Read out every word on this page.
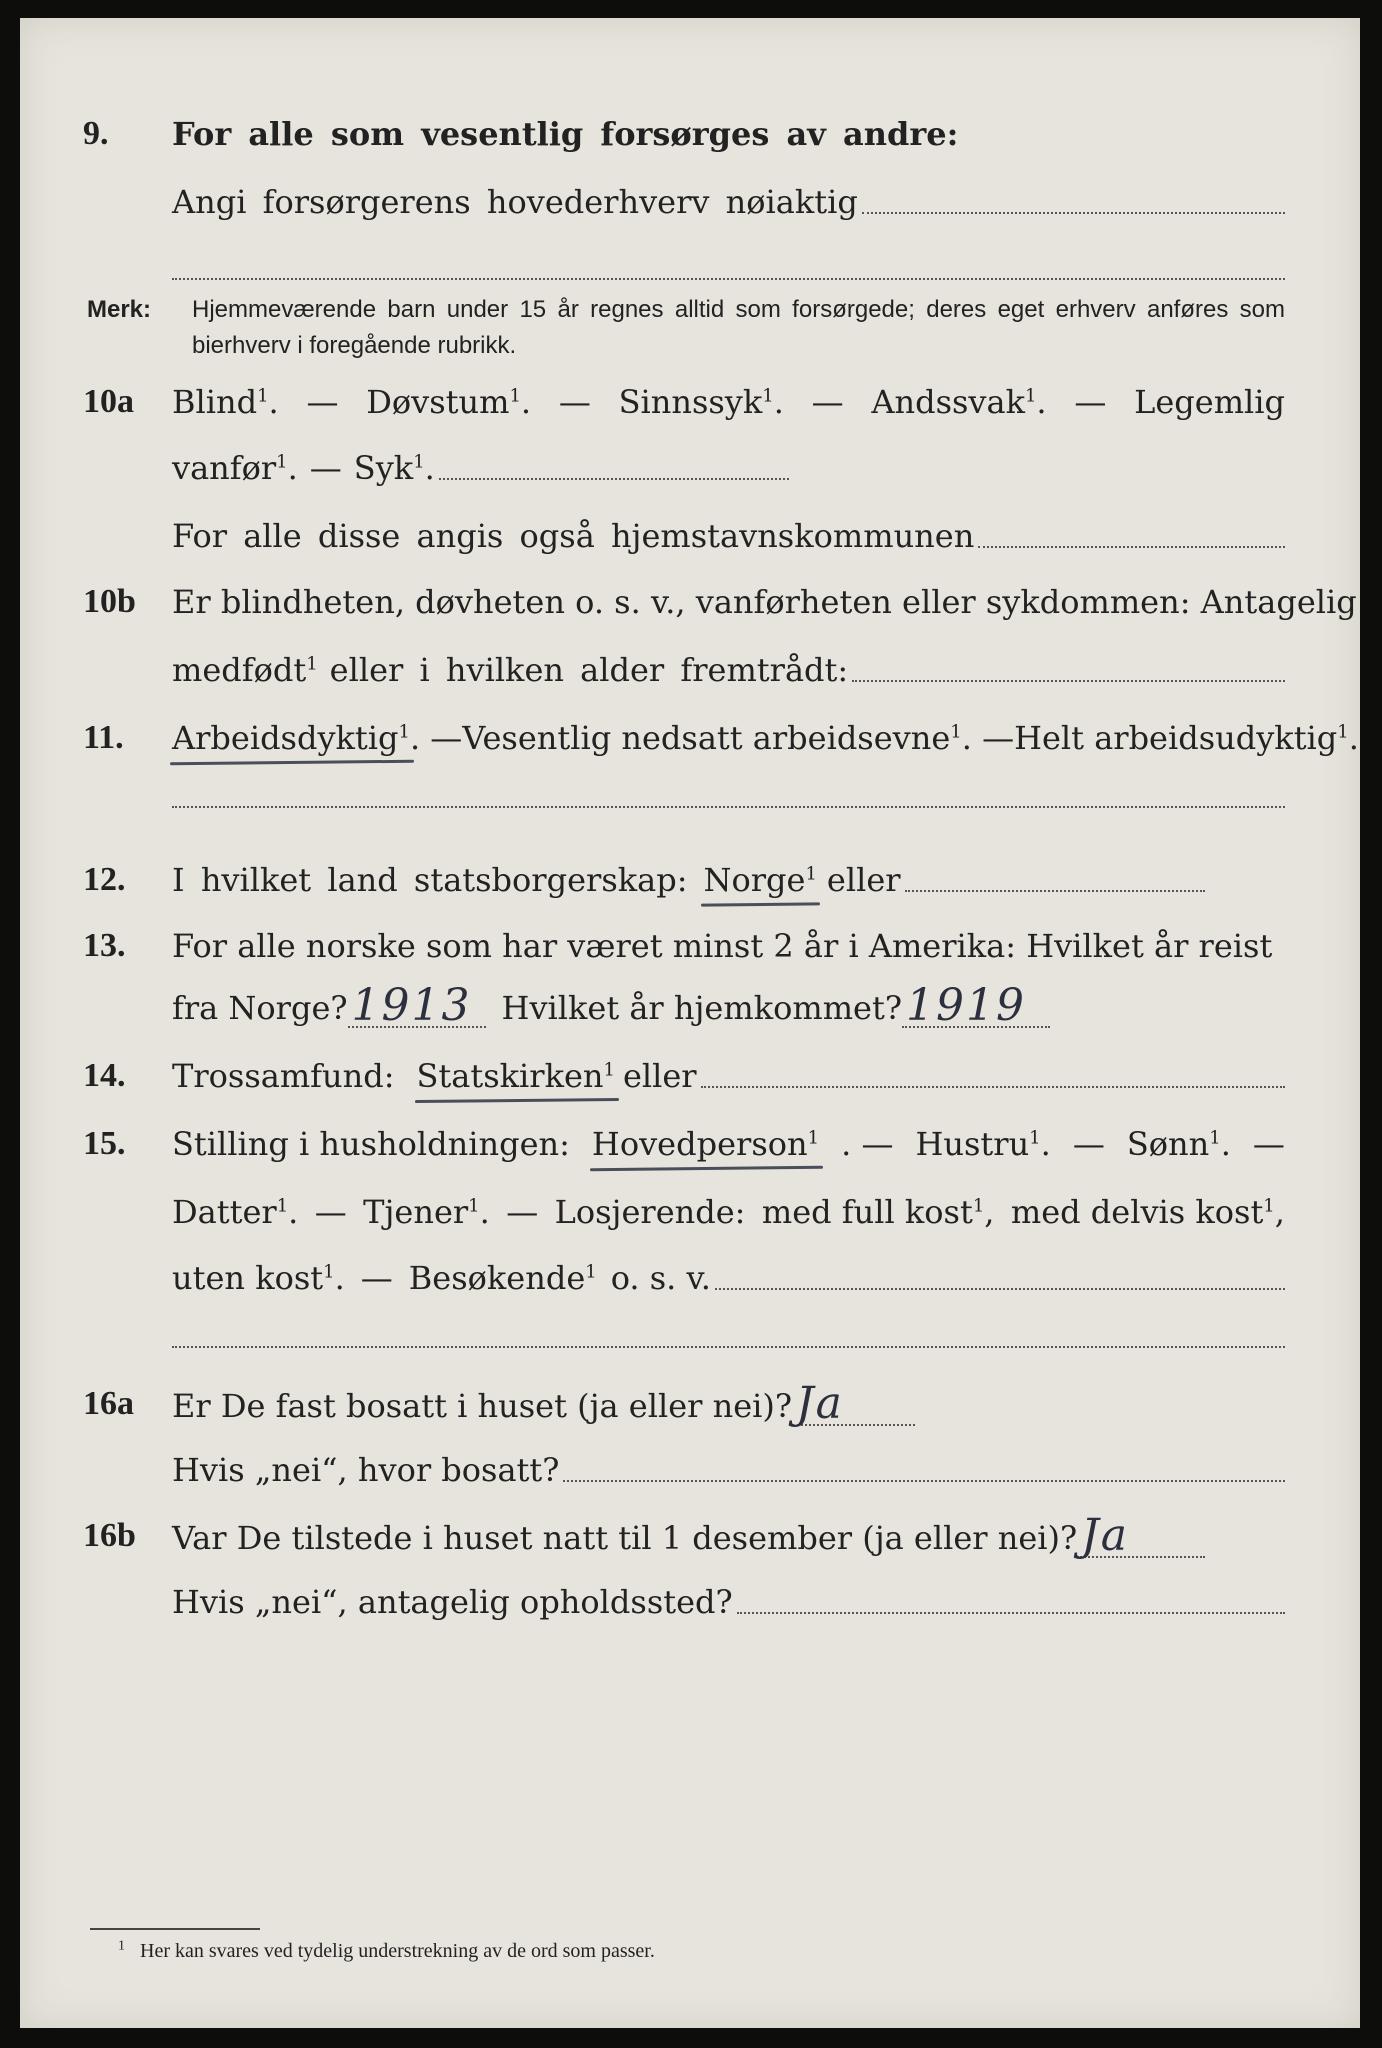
9. For alle som vesentlig forsørges av andre:
Angi forsørgerens hovederhverv nøiaktig
Merk: Hjemmeværende barn under 15 år regnes alltid som forsørgede; deres eget erhverv anføres som bierhverv i foregående rubrikk.
10a Blind$^1$. — Døvstum$^1$. — Sinnssyk$^1$. — Andssvak$^1$. — Legemlig
vanfør$^1$. — Syk$^1$.
For alle disse angis også hjemstavnskommunen
10b Er blindheten, døvheten o. s. v., vanførheten eller sykdommen: Antagelig
medfødt$^1$ eller i hvilken alder fremtrådt:
11. Arbeidsdyktig$^1$ . — Vesentlig nedsatt arbeidsevne$^1$ . — Helt arbeidsudyktig$^1$.
12. I hvilket land statsborgerskap: Norge$^1$ eller
13. For alle norske som har været minst 2 år i Amerika: Hvilket år reist
fra Norge? 1913 Hvilket år hjemkommet? 1919
14. Trossamfund: Statskirken$^1$ eller
15. Stilling i husholdningen: Hovedperson$^1$ . — Hustru$^1$. — Sønn$^1$. —
Datter$^1$. — Tjener$^1$. — Losjerende: med full kost$^1$, med delvis kost$^1$,
uten kost$^1$. — Besøkende$^1$ o. s. v.
16a Er De fast bosatt i huset (ja eller nei)? Ja
Hvis „nei“, hvor bosatt?
16b Var De tilstede i huset natt til 1 desember (ja eller nei)? Ja
Hvis „nei“, antagelig opholdssted?
$^1$ Her kan svares ved tydelig understrekning av de ord som passer.
